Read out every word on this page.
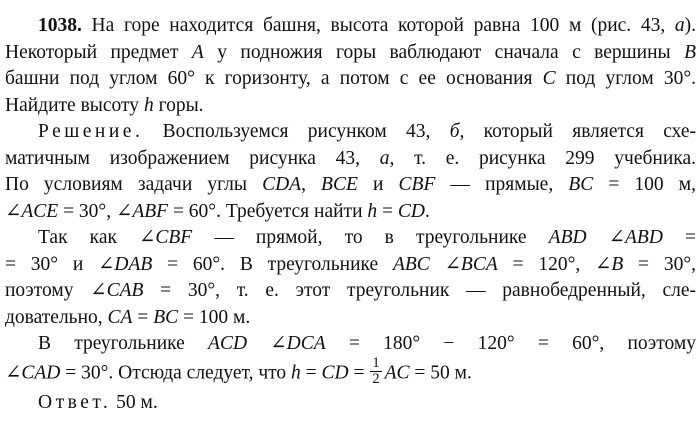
1038. На горе находится башня, высота которой равна 100 м (рис. 43, а).
Некоторый предмет A у подножия горы ваблюдают сначала с вершины B
башни под углом 60° к горизонту, а потом с ее основания C под углом 30°.
Найдите высоту h горы.
Решение. Воспользуемся рисунком 43, б, который является схе-
матичным изображением рисунка 43, а, т. е. рисунка 299 учебника.
По условиям задачи углы CDA, BCE и CBF — прямые, BC = 100 м,
∠ACE = 30°, ∠ABF = 60°. Требуется найти h = CD.
Так как ∠CBF — прямой, то в треугольнике ABD ∠ABD =
= 30° и ∠DAB = 60°. В треугольнике ABC ∠BCA = 120°, ∠B = 30°,
поэтому ∠CAB = 30°, т. е. этот треугольник — равнобедренный, сле-
довательно, CA = BC = 100 м.
В треугольнике ACD ∠DCA = 180° − 120° = 60°, поэтому
∠CAD = 30°. Отсюда следует, что h = CD = $\frac{1}{2}$ AC = 50 м.
Ответ. 50 м.
